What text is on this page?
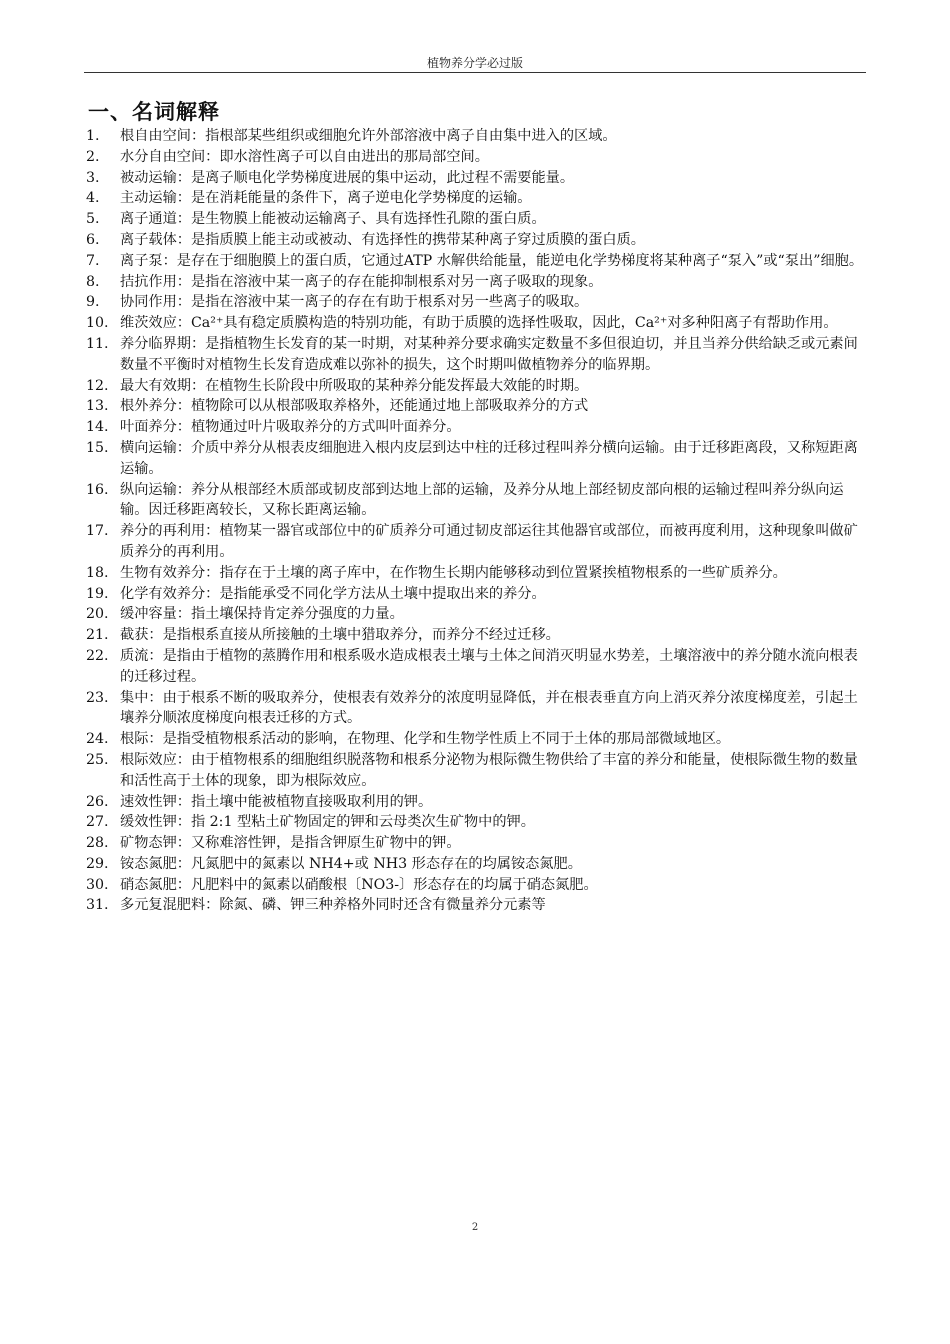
植物养分学必过版
一、名词解释
1.	根自由空间：指根部某些组织或细胞允许外部溶液中离子自由集中进入的区域。
2.	水分自由空间：即水溶性离子可以自由进出的那局部空间。
3.	被动运输：是离子顺电化学势梯度进展的集中运动，此过程不需要能量。
4.	主动运输：是在消耗能量的条件下，离子逆电化学势梯度的运输。
5.	离子通道：是生物膜上能被动运输离子、具有选择性孔隙的蛋白质。
6.	离子载体：是指质膜上能主动或被动、有选择性的携带某种离子穿过质膜的蛋白质。
7.	离子泵：是存在于细胞膜上的蛋白质，它通过ATP 水解供给能量，能逆电化学势梯度将某种离子“泵入”或“泵出”细胞。
8.	拮抗作用：是指在溶液中某一离子的存在能抑制根系对另一离子吸取的现象。
9.	协同作用：是指在溶液中某一离子的存在有助于根系对另一些离子的吸取。
10. 维茨效应：Ca²⁺具有稳定质膜构造的特别功能，有助于质膜的选择性吸取，因此，Ca²⁺对多种阳离子有帮助作用。
11. 养分临界期：是指植物生长发育的某一时期，对某种养分要求确实定数量不多但很迫切，并且当养分供给缺乏或元素间数量不平衡时对植物生长发育造成难以弥补的损失，这个时期叫做植物养分的临界期。
12. 最大有效期：在植物生长阶段中所吸取的某种养分能发挥最大效能的时期。
13. 根外养分：植物除可以从根部吸取养格外，还能通过地上部吸取养分的方式
14. 叶面养分：植物通过叶片吸取养分的方式叫叶面养分。
15. 横向运输：介质中养分从根表皮细胞进入根内皮层到达中柱的迁移过程叫养分横向运输。由于迁移距离段，又称短距离运输。
16. 纵向运输：养分从根部经木质部或韧皮部到达地上部的运输，及养分从地上部经韧皮部向根的运输过程叫养分纵向运输。因迁移距离较长，又称长距离运输。
17. 养分的再利用：植物某一器官或部位中的矿质养分可通过韧皮部运往其他器官或部位，而被再度利用，这种现象叫做矿质养分的再利用。
18. 生物有效养分：指存在于土壤的离子库中，在作物生长期内能够移动到位置紧挨植物根系的一些矿质养分。
19. 化学有效养分：是指能承受不同化学方法从土壤中提取出来的养分。
20. 缓冲容量：指土壤保持肯定养分强度的力量。
21. 截获：是指根系直接从所接触的土壤中猎取养分，而养分不经过迁移。
22. 质流：是指由于植物的蒸腾作用和根系吸水造成根表土壤与土体之间消灭明显水势差，土壤溶液中的养分随水流向根表的迁移过程。
23. 集中：由于根系不断的吸取养分，使根表有效养分的浓度明显降低，并在根表垂直方向上消灭养分浓度梯度差，引起土壤养分顺浓度梯度向根表迁移的方式。
24. 根际：是指受植物根系活动的影响，在物理、化学和生物学性质上不同于土体的那局部微域地区。
25. 根际效应：由于植物根系的细胞组织脱落物和根系分泌物为根际微生物供给了丰富的养分和能量，使根际微生物的数量和活性高于土体的现象，即为根际效应。
26. 速效性钾：指土壤中能被植物直接吸取利用的钾。
27. 缓效性钾：指 2:1 型粘土矿物固定的钾和云母类次生矿物中的钾。
28. 矿物态钾：又称难溶性钾，是指含钾原生矿物中的钾。
29. 铵态氮肥：凡氮肥中的氮素以 NH4+或 NH3 形态存在的均属铵态氮肥。
30. 硝态氮肥：凡肥料中的氮素以硝酸根〔NO3-〕形态存在的均属于硝态氮肥。
31. 多元复混肥料：除氮、磷、钾三种养格外同时还含有微量养分元素等
2
